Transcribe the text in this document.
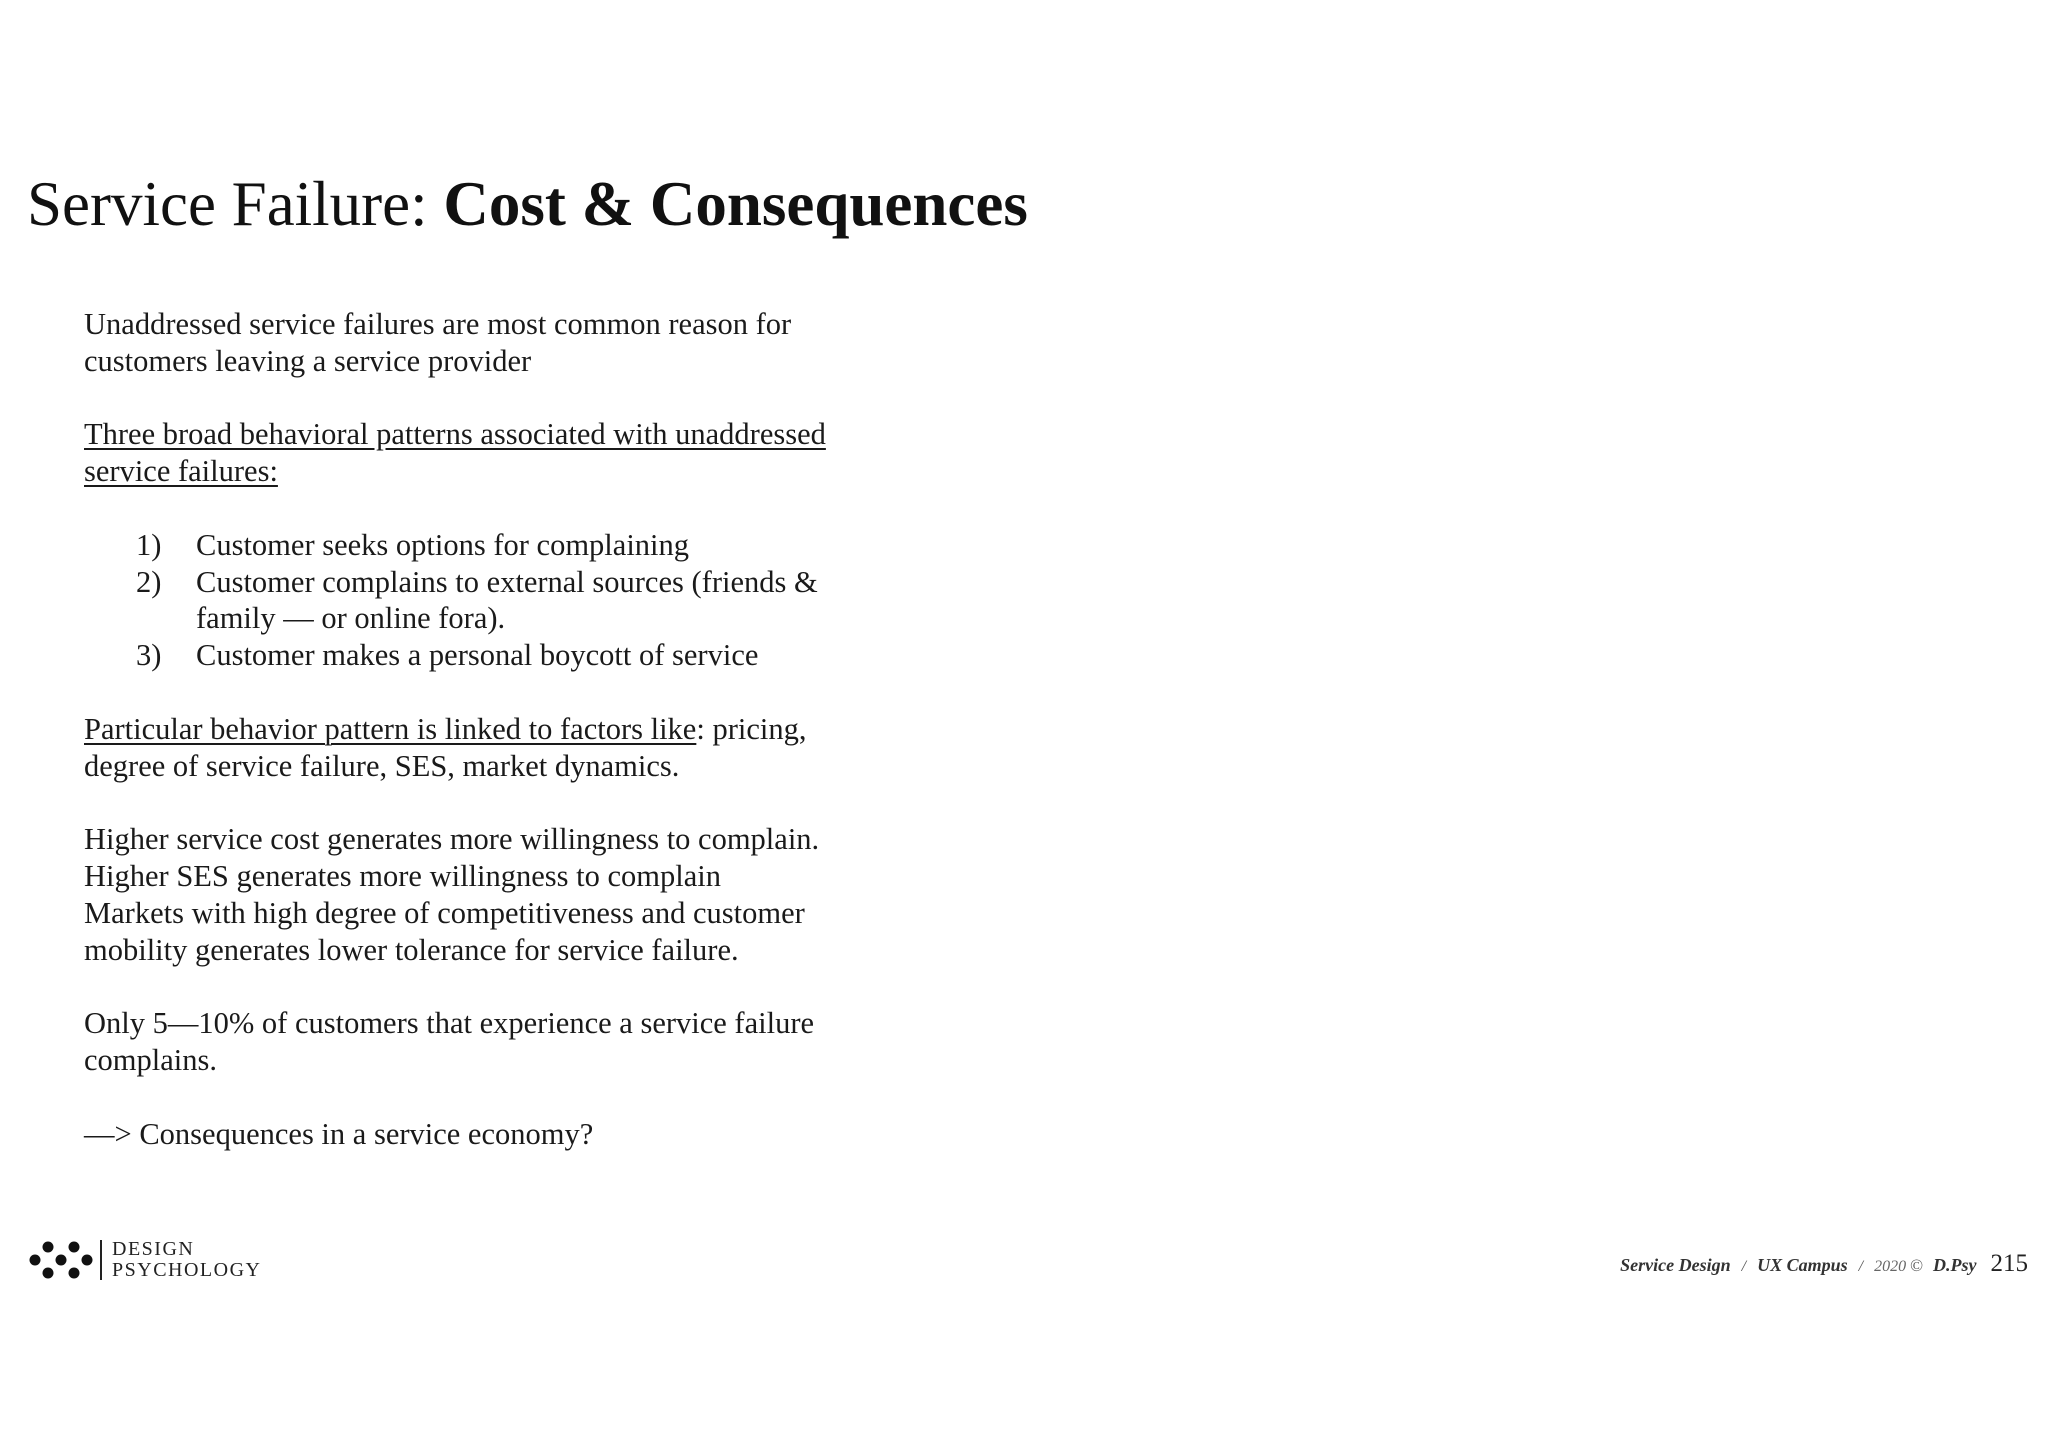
Service Failure: Cost & Consequences

Unaddressed service failures are most common reason for
customers leaving a service provider

Three broad behavioral patterns associated with unaddressed
service failures:

1) Customer seeks options for complaining
2) Customer complains to external sources (friends &
family — or online fora).
3) Customer makes a personal boycott of service

Particular behavior pattern is linked to factors like: pricing,
degree of service failure, SES, market dynamics.

Higher service cost generates more willingness to complain.
Higher SES generates more willingness to complain
Markets with high degree of competitiveness and customer
mobility generates lower tolerance for service failure.

Only 5—10% of customers that experience a service failure
complains.

—> Consequences in a service economy?

DESIGN
PSYCHOLOGY	Service Design / UX Campus / 2020 © D.Psy 215
